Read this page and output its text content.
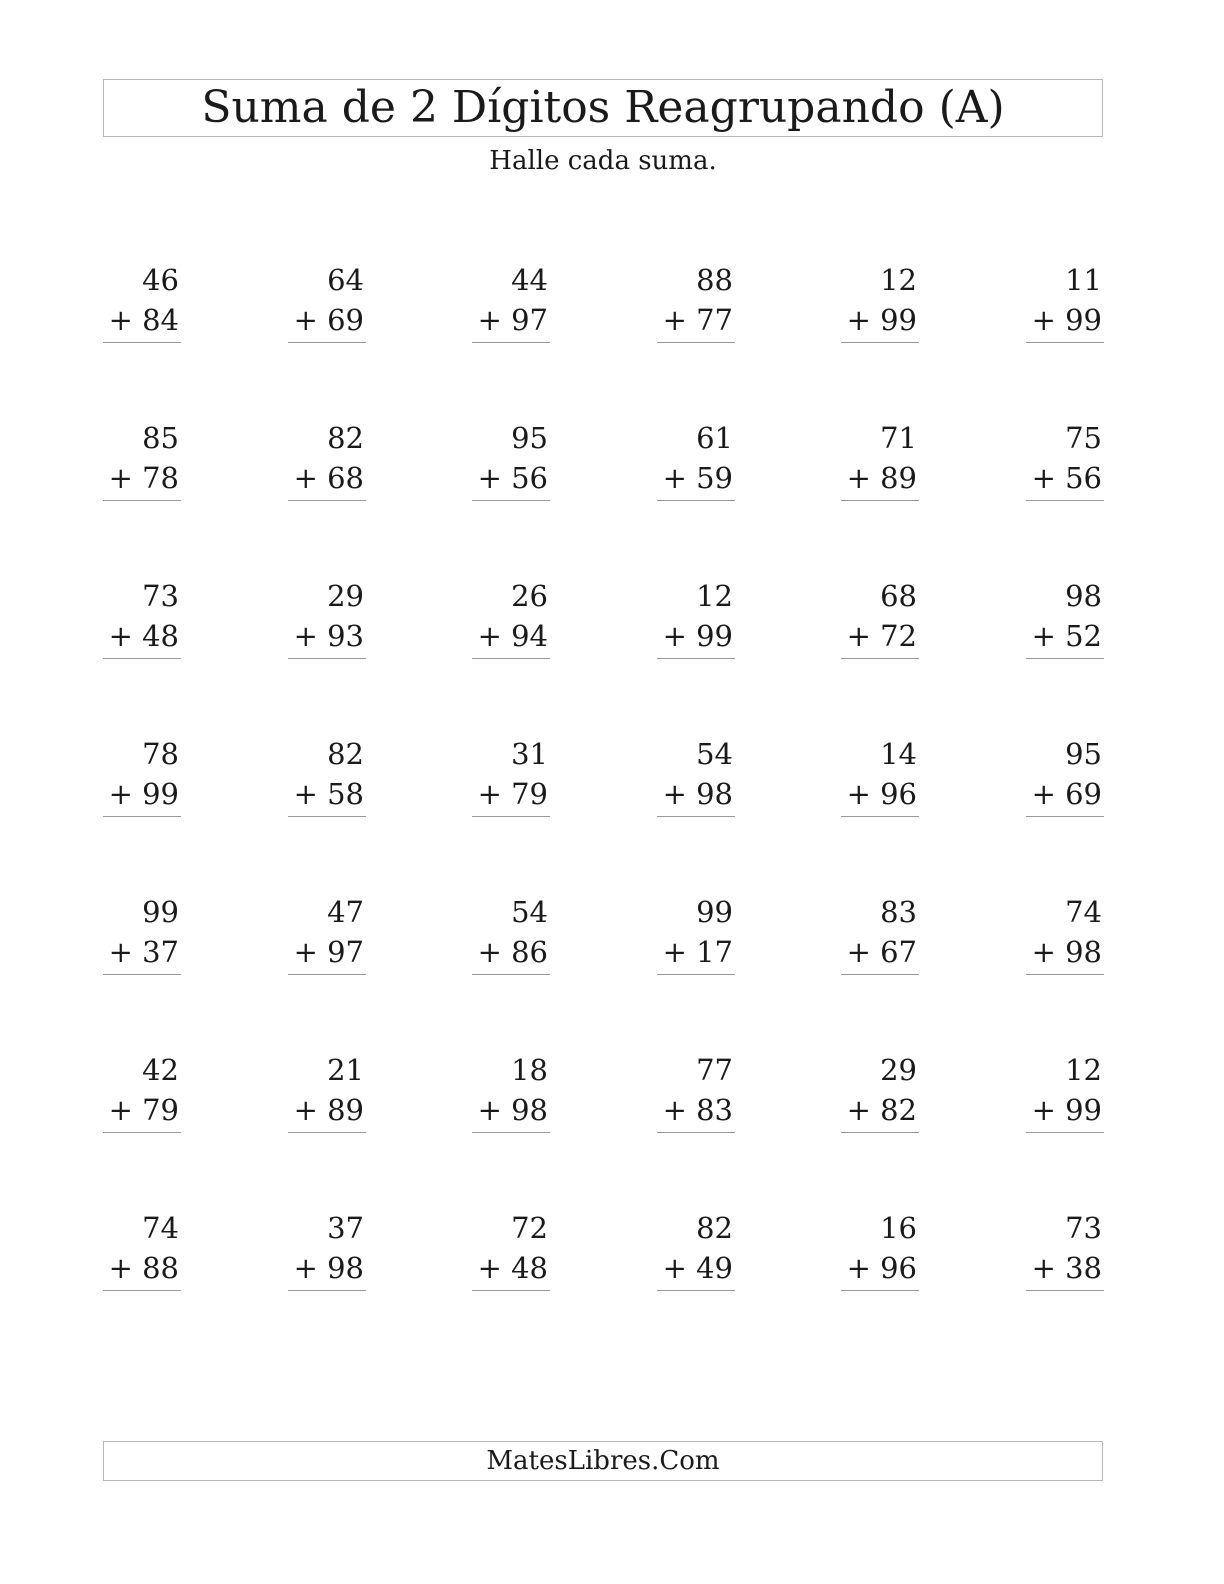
Suma de 2 Dígitos Reagrupando (A)
Halle cada suma.
46
+ 84
64
+ 69
44
+ 97
88
+ 77
12
+ 99
11
+ 99
85
+ 78
82
+ 68
95
+ 56
61
+ 59
71
+ 89
75
+ 56
73
+ 48
29
+ 93
26
+ 94
12
+ 99
68
+ 72
98
+ 52
78
+ 99
82
+ 58
31
+ 79
54
+ 98
14
+ 96
95
+ 69
99
+ 37
47
+ 97
54
+ 86
99
+ 17
83
+ 67
74
+ 98
42
+ 79
21
+ 89
18
+ 98
77
+ 83
29
+ 82
12
+ 99
74
+ 88
37
+ 98
72
+ 48
82
+ 49
16
+ 96
73
+ 38
MatesLibres.Com
